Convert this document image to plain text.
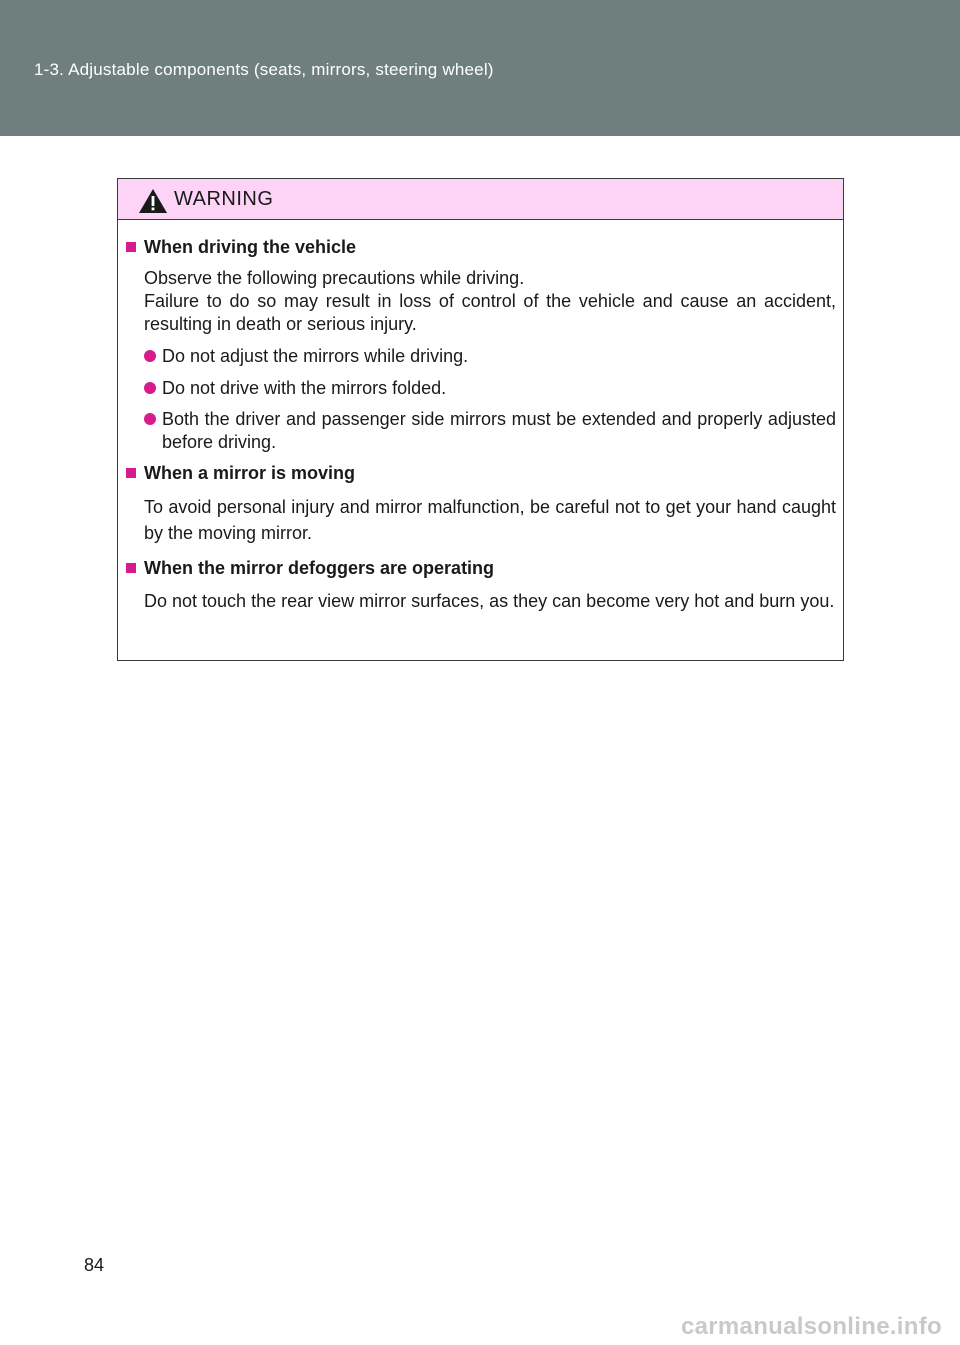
1-3. Adjustable components (seats, mirrors, steering wheel)
WARNING
When driving the vehicle
Observe the following precautions while driving.
Failure to do so may result in loss of control of the vehicle and cause an accident, resulting in death or serious injury.
Do not adjust the mirrors while driving.
Do not drive with the mirrors folded.
Both the driver and passenger side mirrors must be extended and properly adjusted before driving.
When a mirror is moving
To avoid personal injury and mirror malfunction, be careful not to get your hand caught by the moving mirror.
When the mirror defoggers are operating
Do not touch the rear view mirror surfaces, as they can become very hot and burn you.
84
carmanualsonline.info
